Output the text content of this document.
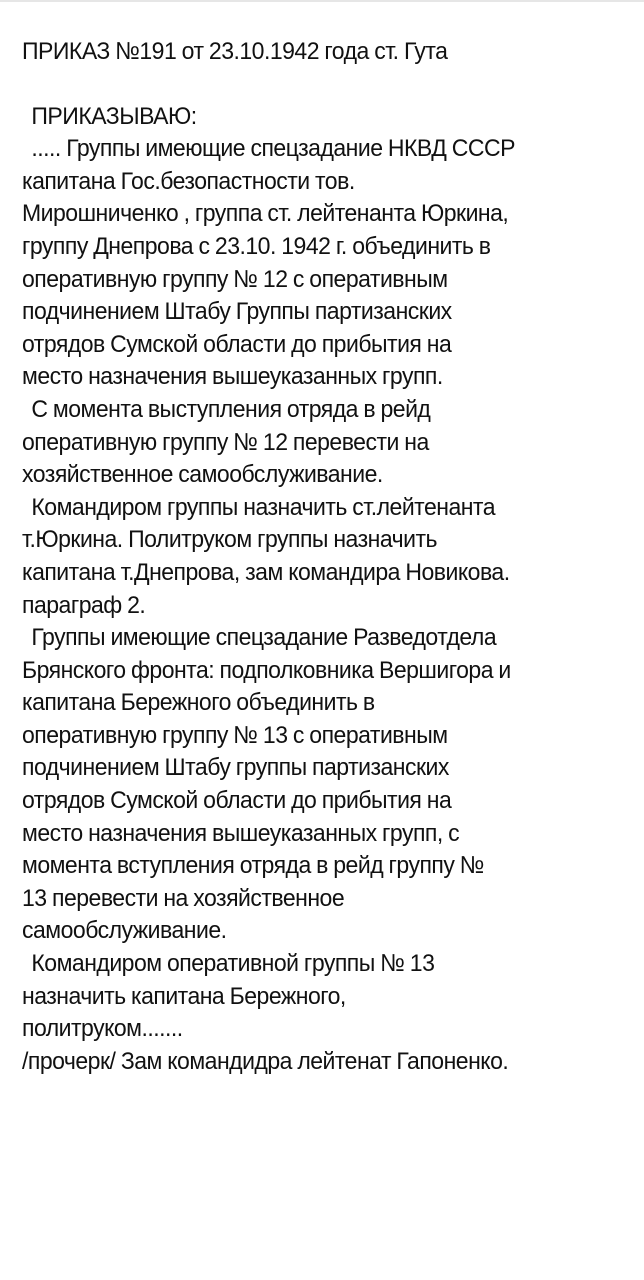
ПРИКАЗ №191 от 23.10.1942 года ст. Гута
ПРИКАЗЫВАЮ:
..... Группы имеющие спецзадание НКВД СССР
капитана Гос.безопастности тов.
Мирошниченко , группа ст. лейтенанта Юркина,
группу Днепрова с 23.10. 1942 г. объединить в
оперативную группу № 12 с оперативным
подчинением Штабу Группы партизанских
отрядов Сумской области до прибытия на
место назначения вышеуказанных групп.
С момента выступления отряда в рейд
оперативную группу № 12 перевести на
хозяйственное самообслуживание.
Командиром группы назначить ст.лейтенанта
т.Юркина. Политруком группы назначить
капитана т.Днепрова, зам командира Новикова.
параграф 2.
Группы имеющие спецзадание Разведотдела
Брянского фронта: подполковника Вершигора и
капитана Бережного объединить в
оперативную группу № 13 с оперативным
подчинением Штабу группы партизанских
отрядов Сумской области до прибытия на
место назначения вышеуказанных групп, с
момента вступления отряда в рейд группу №
13 перевести на хозяйственное
самообслуживание.
Командиром оперативной группы № 13
назначить капитана Бережного,
политруком.......
/прочерк/ Зам командидра лейтенат Гапоненко.
